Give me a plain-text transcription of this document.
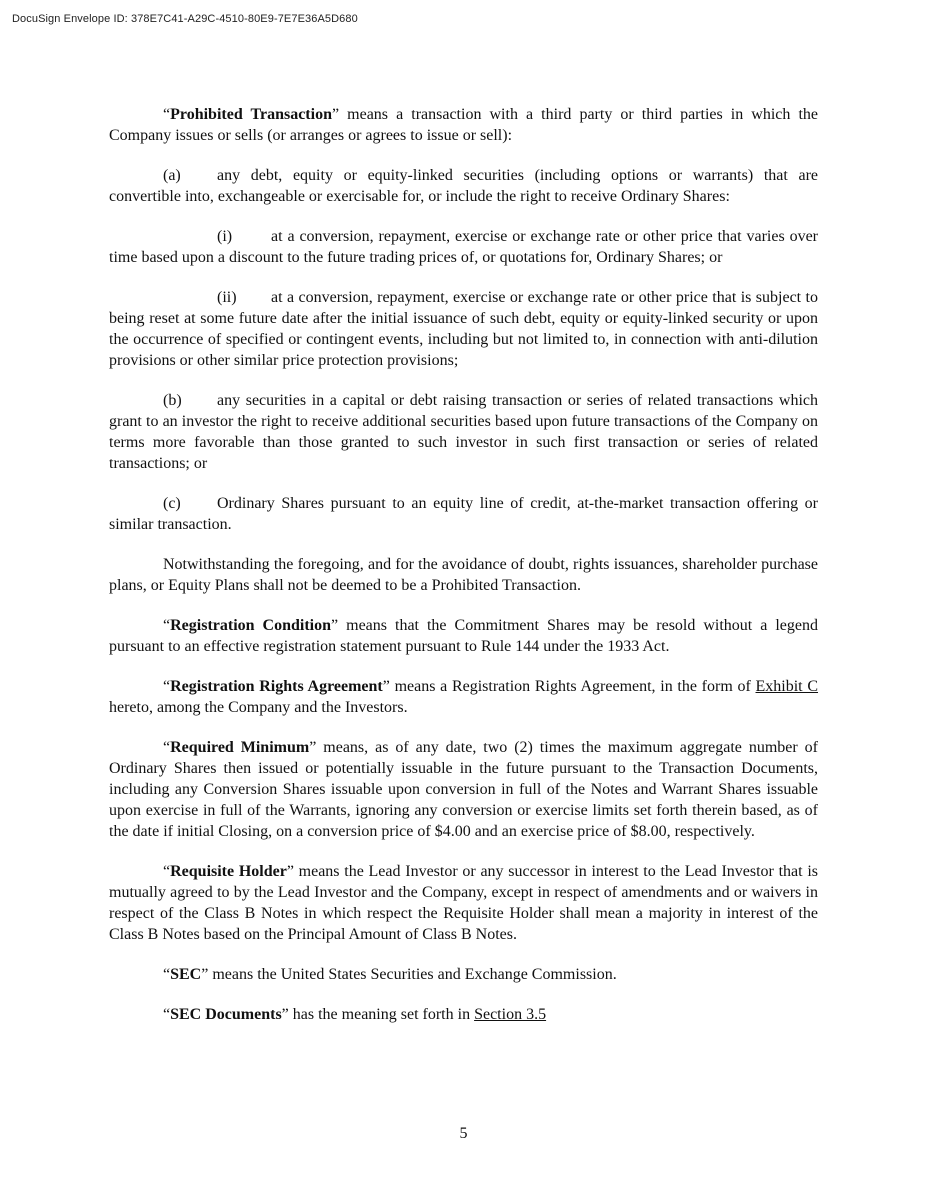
DocuSign Envelope ID: 378E7C41-A29C-4510-80E9-7E7E36A5D680

“Prohibited Transaction” means a transaction with a third party or third parties in which the Company issues or sells (or arranges or agrees to issue or sell):

(a) any debt, equity or equity-linked securities (including options or warrants) that are convertible into, exchangeable or exercisable for, or include the right to receive Ordinary Shares:

(i) at a conversion, repayment, exercise or exchange rate or other price that varies over time based upon a discount to the future trading prices of, or quotations for, Ordinary Shares; or

(ii) at a conversion, repayment, exercise or exchange rate or other price that is subject to being reset at some future date after the initial issuance of such debt, equity or equity-linked security or upon the occurrence of specified or contingent events, including but not limited to, in connection with anti-dilution provisions or other similar price protection provisions;

(b) any securities in a capital or debt raising transaction or series of related transactions which grant to an investor the right to receive additional securities based upon future transactions of the Company on terms more favorable than those granted to such investor in such first transaction or series of related transactions; or

(c) Ordinary Shares pursuant to an equity line of credit, at-the-market transaction offering or similar transaction.

Notwithstanding the foregoing, and for the avoidance of doubt, rights issuances, shareholder purchase plans, or Equity Plans shall not be deemed to be a Prohibited Transaction.

“Registration Condition” means that the Commitment Shares may be resold without a legend pursuant to an effective registration statement pursuant to Rule 144 under the 1933 Act.

“Registration Rights Agreement” means a Registration Rights Agreement, in the form of Exhibit C hereto, among the Company and the Investors.

“Required Minimum” means, as of any date, two (2) times the maximum aggregate number of Ordinary Shares then issued or potentially issuable in the future pursuant to the Transaction Documents, including any Conversion Shares issuable upon conversion in full of the Notes and Warrant Shares issuable upon exercise in full of the Warrants, ignoring any conversion or exercise limits set forth therein based, as of the date if initial Closing, on a conversion price of $4.00 and an exercise price of $8.00, respectively.

“Requisite Holder” means the Lead Investor or any successor in interest to the Lead Investor that is mutually agreed to by the Lead Investor and the Company, except in respect of amendments and or waivers in respect of the Class B Notes in which respect the Requisite Holder shall mean a majority in interest of the Class B Notes based on the Principal Amount of Class B Notes.

“SEC” means the United States Securities and Exchange Commission.

“SEC Documents” has the meaning set forth in Section 3.5

5
